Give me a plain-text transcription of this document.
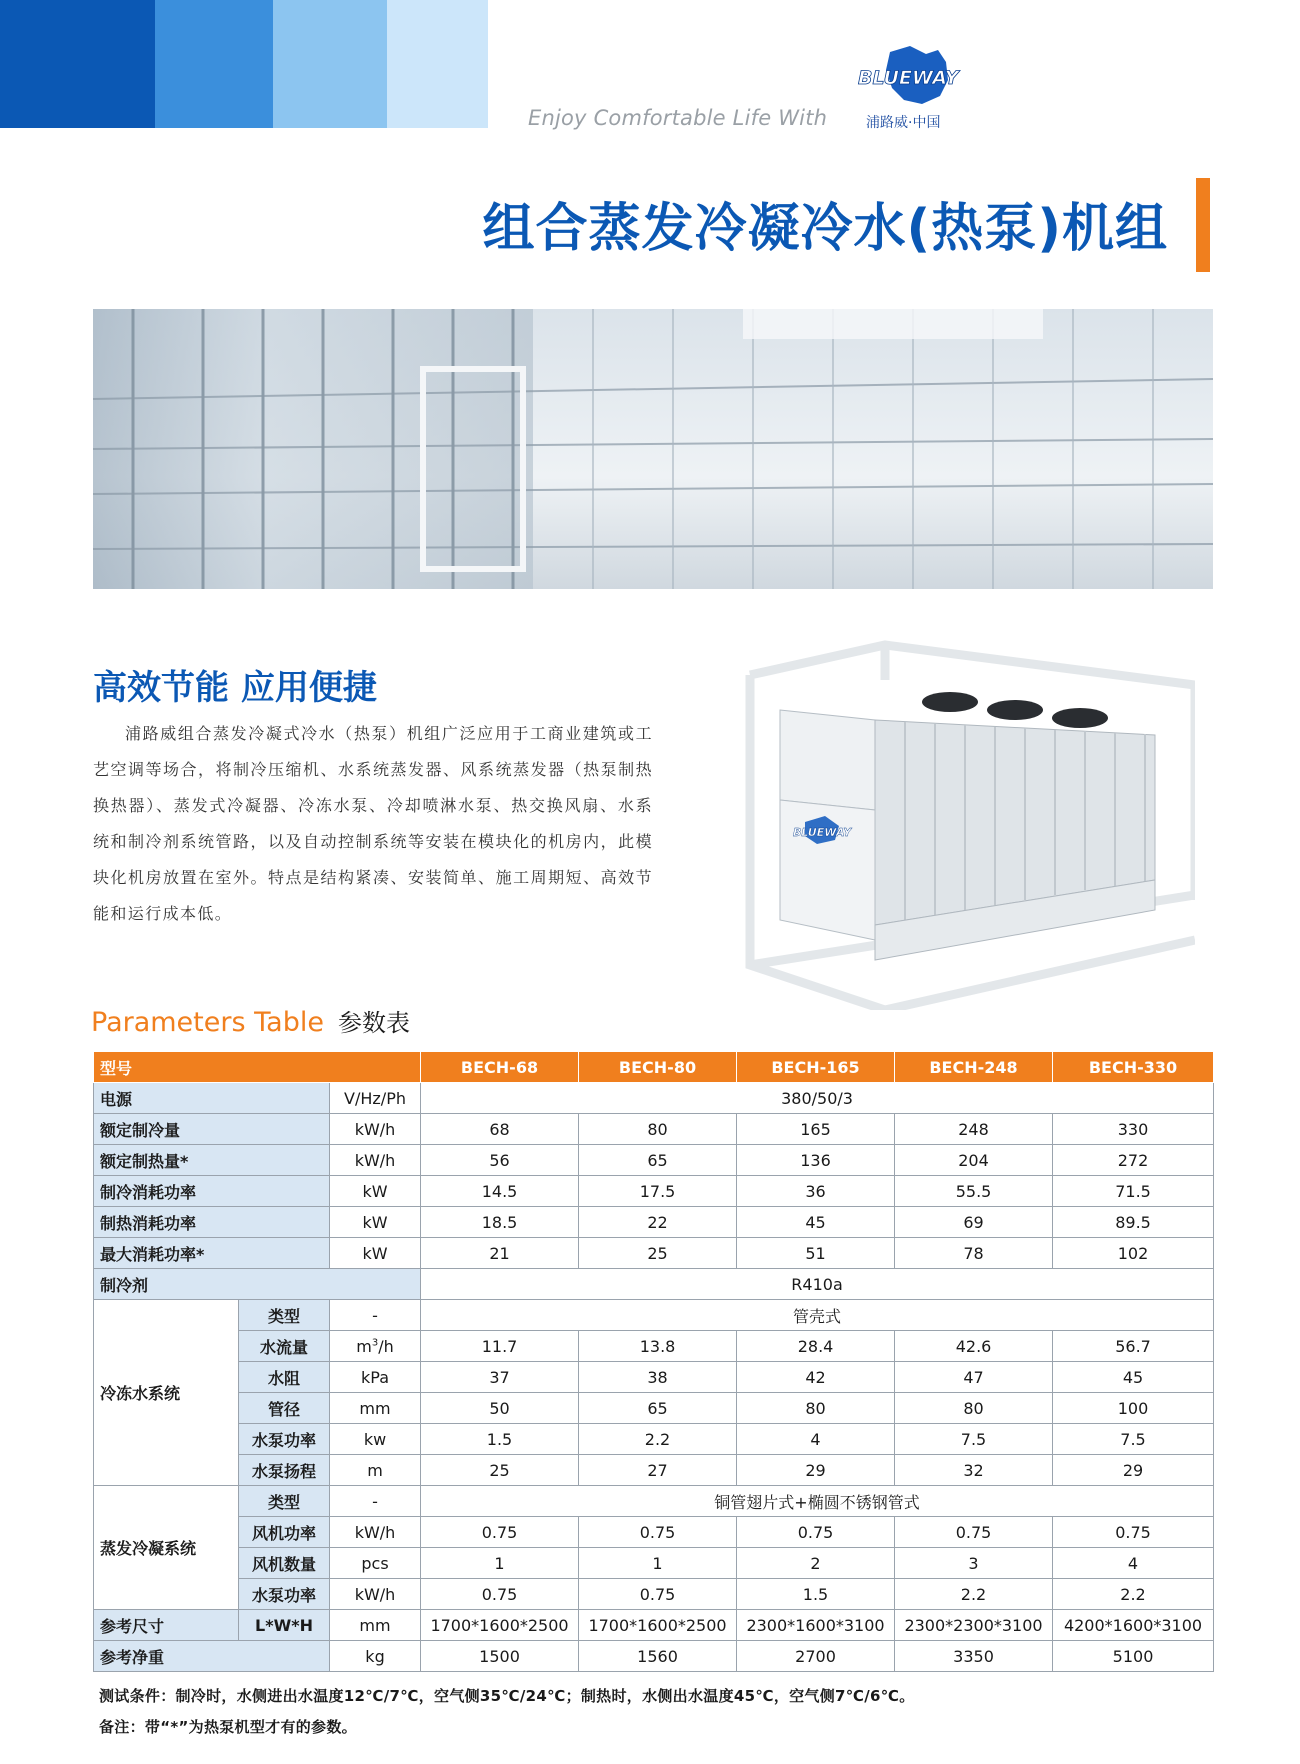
Enjoy Comfortable Life With
BLUEWAY
浦路威·中国
组合蒸发冷凝冷水(热泵)机组
高效节能 应用便捷

浦路威组合蒸发冷凝式冷水（热泵）机组广泛应用于工商业建筑或工艺空调等场合，将制冷压缩机、水系统蒸发器、风系统蒸发器（热泵制热换热器）、蒸发式冷凝器、冷冻水泵、冷却喷淋水泵、热交换风扇、水系统和制冷剂系统管路，以及自动控制系统等安装在模块化的机房内，此模块化机房放置在室外。特点是结构紧凑、安装简单、施工周期短、高效节能和运行成本低。

BLUEWAY
Parameters Table 参数表
型号			BECH-68	BECH-80	BECH-165	BECH-248	BECH-330
电源		V/Hz/Ph	380/50/3				
额定制冷量		kW/h	68	80	165	248	330
额定制热量*		kW/h	56	65	136	204	272
制冷消耗功率		kW	14.5	17.5	36	55.5	71.5
制热消耗功率		kW	18.5	22	45	69	89.5
最大消耗功率*		kW	21	25	51	78	102
制冷剂			R410a				
冷冻水系统	类型	-	管壳式				
	水流量	$m^3/h$	11.7	13.8	28.4	42.6	56.7
	水阻	kPa	37	38	42	47	45
	管径	mm	50	65	80	80	100
	水泵功率	kw	1.5	2.2	4	7.5	7.5
	水泵扬程	m	25	27	29	32	29
蒸发冷凝系统	类型	-	铜管翅片式+椭圆不锈钢管式				
	风机功率	kW/h	0.75	0.75	0.75	0.75	0.75
	风机数量	pcs	1	1	2	3	4
	水泵功率	kW/h	0.75	0.75	1.5	2.2	2.2
参考尺寸	L*W*H	mm	1700*1600*2500	1700*1600*2500	2300*1600*3100	2300*2300*3100	4200*1600*3100
参考净重		kg	1500	1560	2700	3350	5100
测试条件：制冷时，水侧进出水温度12℃/7℃，空气侧35℃/24℃；制热时，水侧出水温度45℃，空气侧7℃/6℃。
备注：带“*”为热泵机型才有的参数。
